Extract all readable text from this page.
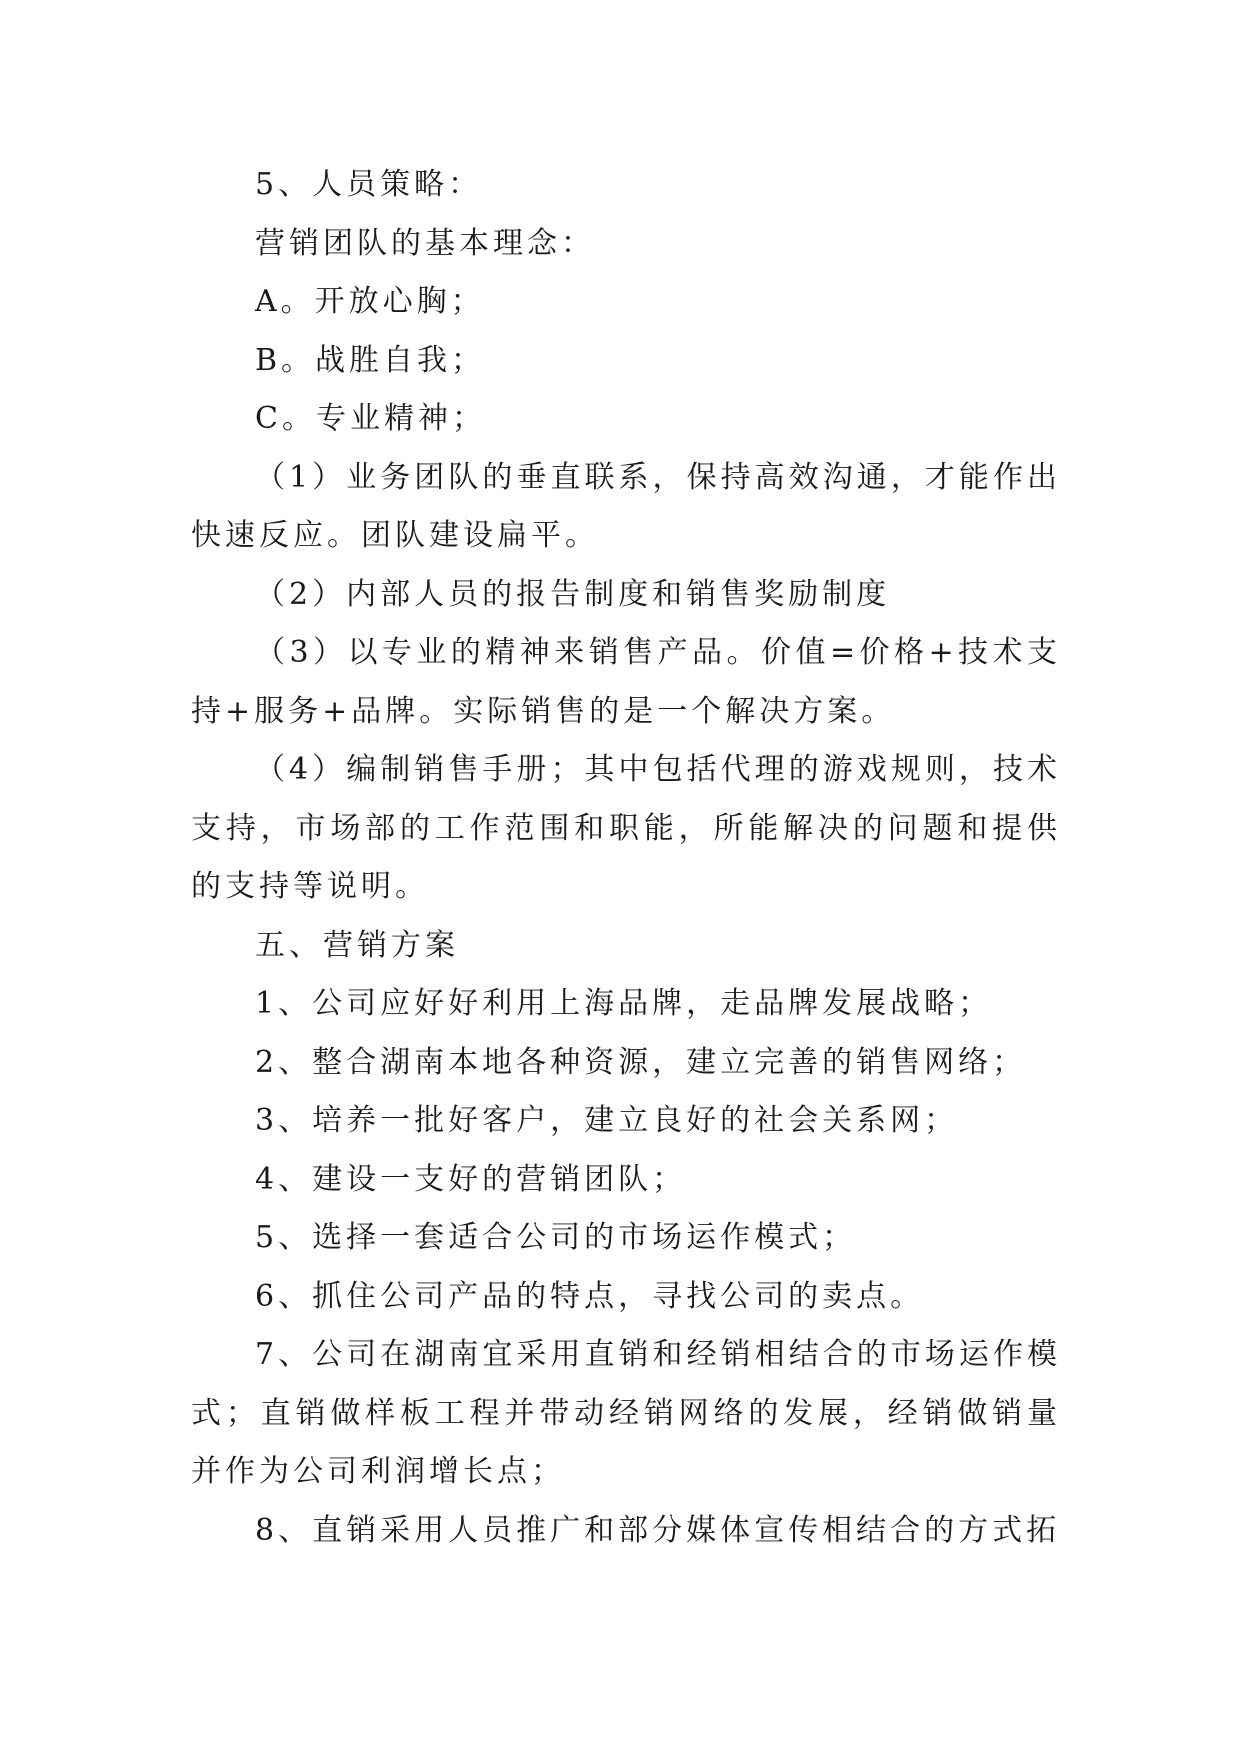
5、人员策略：

营销团队的基本理念：

A。开放心胸；

B。战胜自我；

C。专业精神；

（1）业务团队的垂直联系，保持高效沟通，才能作出快速反应。团队建设扁平。

（2）内部人员的报告制度和销售奖励制度

（3）以专业的精神来销售产品。价值=价格+技术支持+服务+品牌。实际销售的是一个解决方案。

（4）编制销售手册；其中包括代理的游戏规则，技术支持，市场部的工作范围和职能，所能解决的问题和提供的支持等说明。

五、营销方案

1、公司应好好利用上海品牌，走品牌发展战略；

2、整合湖南本地各种资源，建立完善的销售网络；

3、培养一批好客户，建立良好的社会关系网；

4、建设一支好的营销团队；

5、选择一套适合公司的市场运作模式；

6、抓住公司产品的特点，寻找公司的卖点。

7、公司在湖南宜采用直销和经销相结合的市场运作模式；直销做样板工程并带动经销网络的发展，经销做销量并作为公司利润增长点；

8、直销采用人员推广和部分媒体宣传相结合的方式拓
